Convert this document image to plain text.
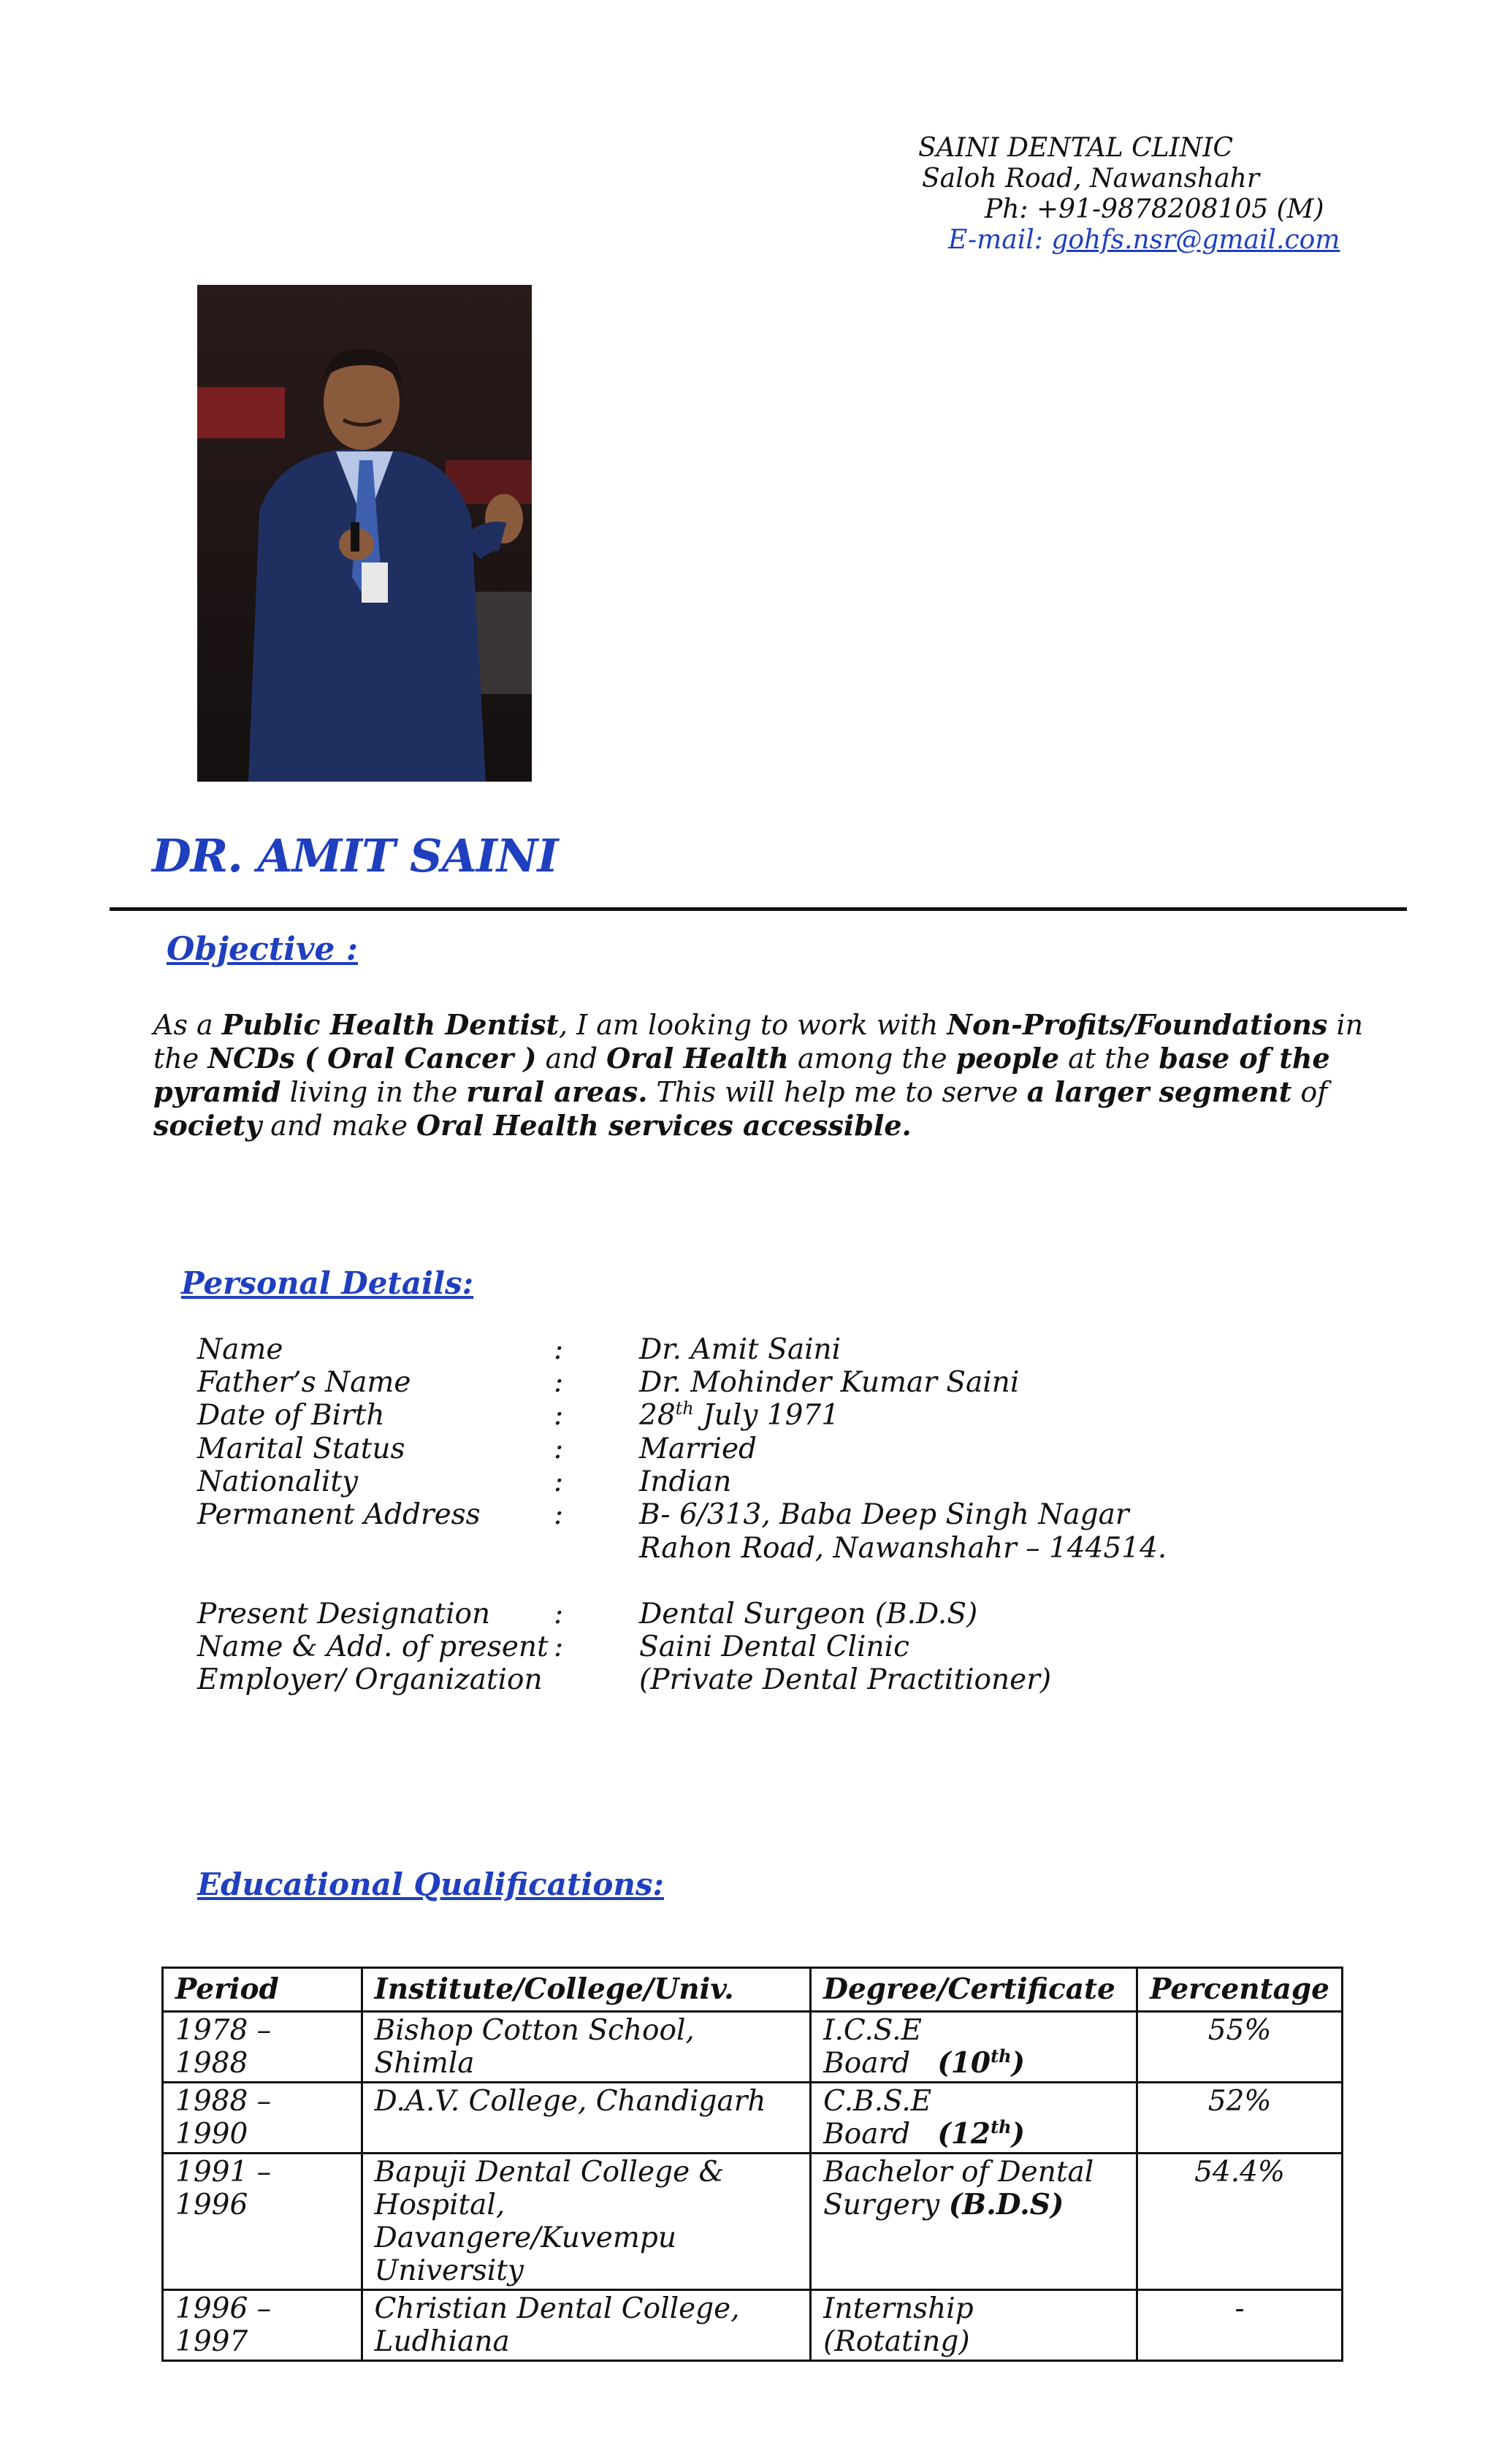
SAINI DENTAL CLINIC
Saloh Road, Nawanshahr
Ph: +91-9878208105 (M)
E-mail: gohfs.nsr@gmail.com
DR. AMIT SAINI
Objective :
As a Public Health Dentist, I am looking to work with Non-Profits/Foundations in the NCDs ( Oral Cancer ) and Oral Health among the people at the base of the pyramid living in the rural areas. This will help me to serve a larger segment of society and make Oral Health services accessible.
Personal Details:
Name	:	Dr. Amit Saini
Father’s Name	:	Dr. Mohinder Kumar Saini
Date of Birth	:	28th July 1971
Marital Status	:	Married
Nationality	:	Indian
Permanent Address	:	B- 6/313, Baba Deep Singh Nagar
Rahon Road, Nawanshahr – 144514.
Present Designation :	Dental Surgeon (B.D.S)
Name & Add. of present :	Saini Dental Clinic
Employer/ Organization	(Private Dental Practitioner)
Educational Qualifications:
Period	Institute/College/Univ.	Degree/Certificate	Percentage
1978 – 1988	Bishop Cotton School, Shimla	I.C.S.E Board (10th)	55%
1988 – 1990	D.A.V. College, Chandigarh	C.B.S.E Board (12th)	52%
1991 – 1996	Bapuji Dental College & Hospital, Davangere/Kuvempu University	Bachelor of Dental Surgery (B.D.S)	54.4%
1996 – 1997	Christian Dental College, Ludhiana	Internship (Rotating)	-
